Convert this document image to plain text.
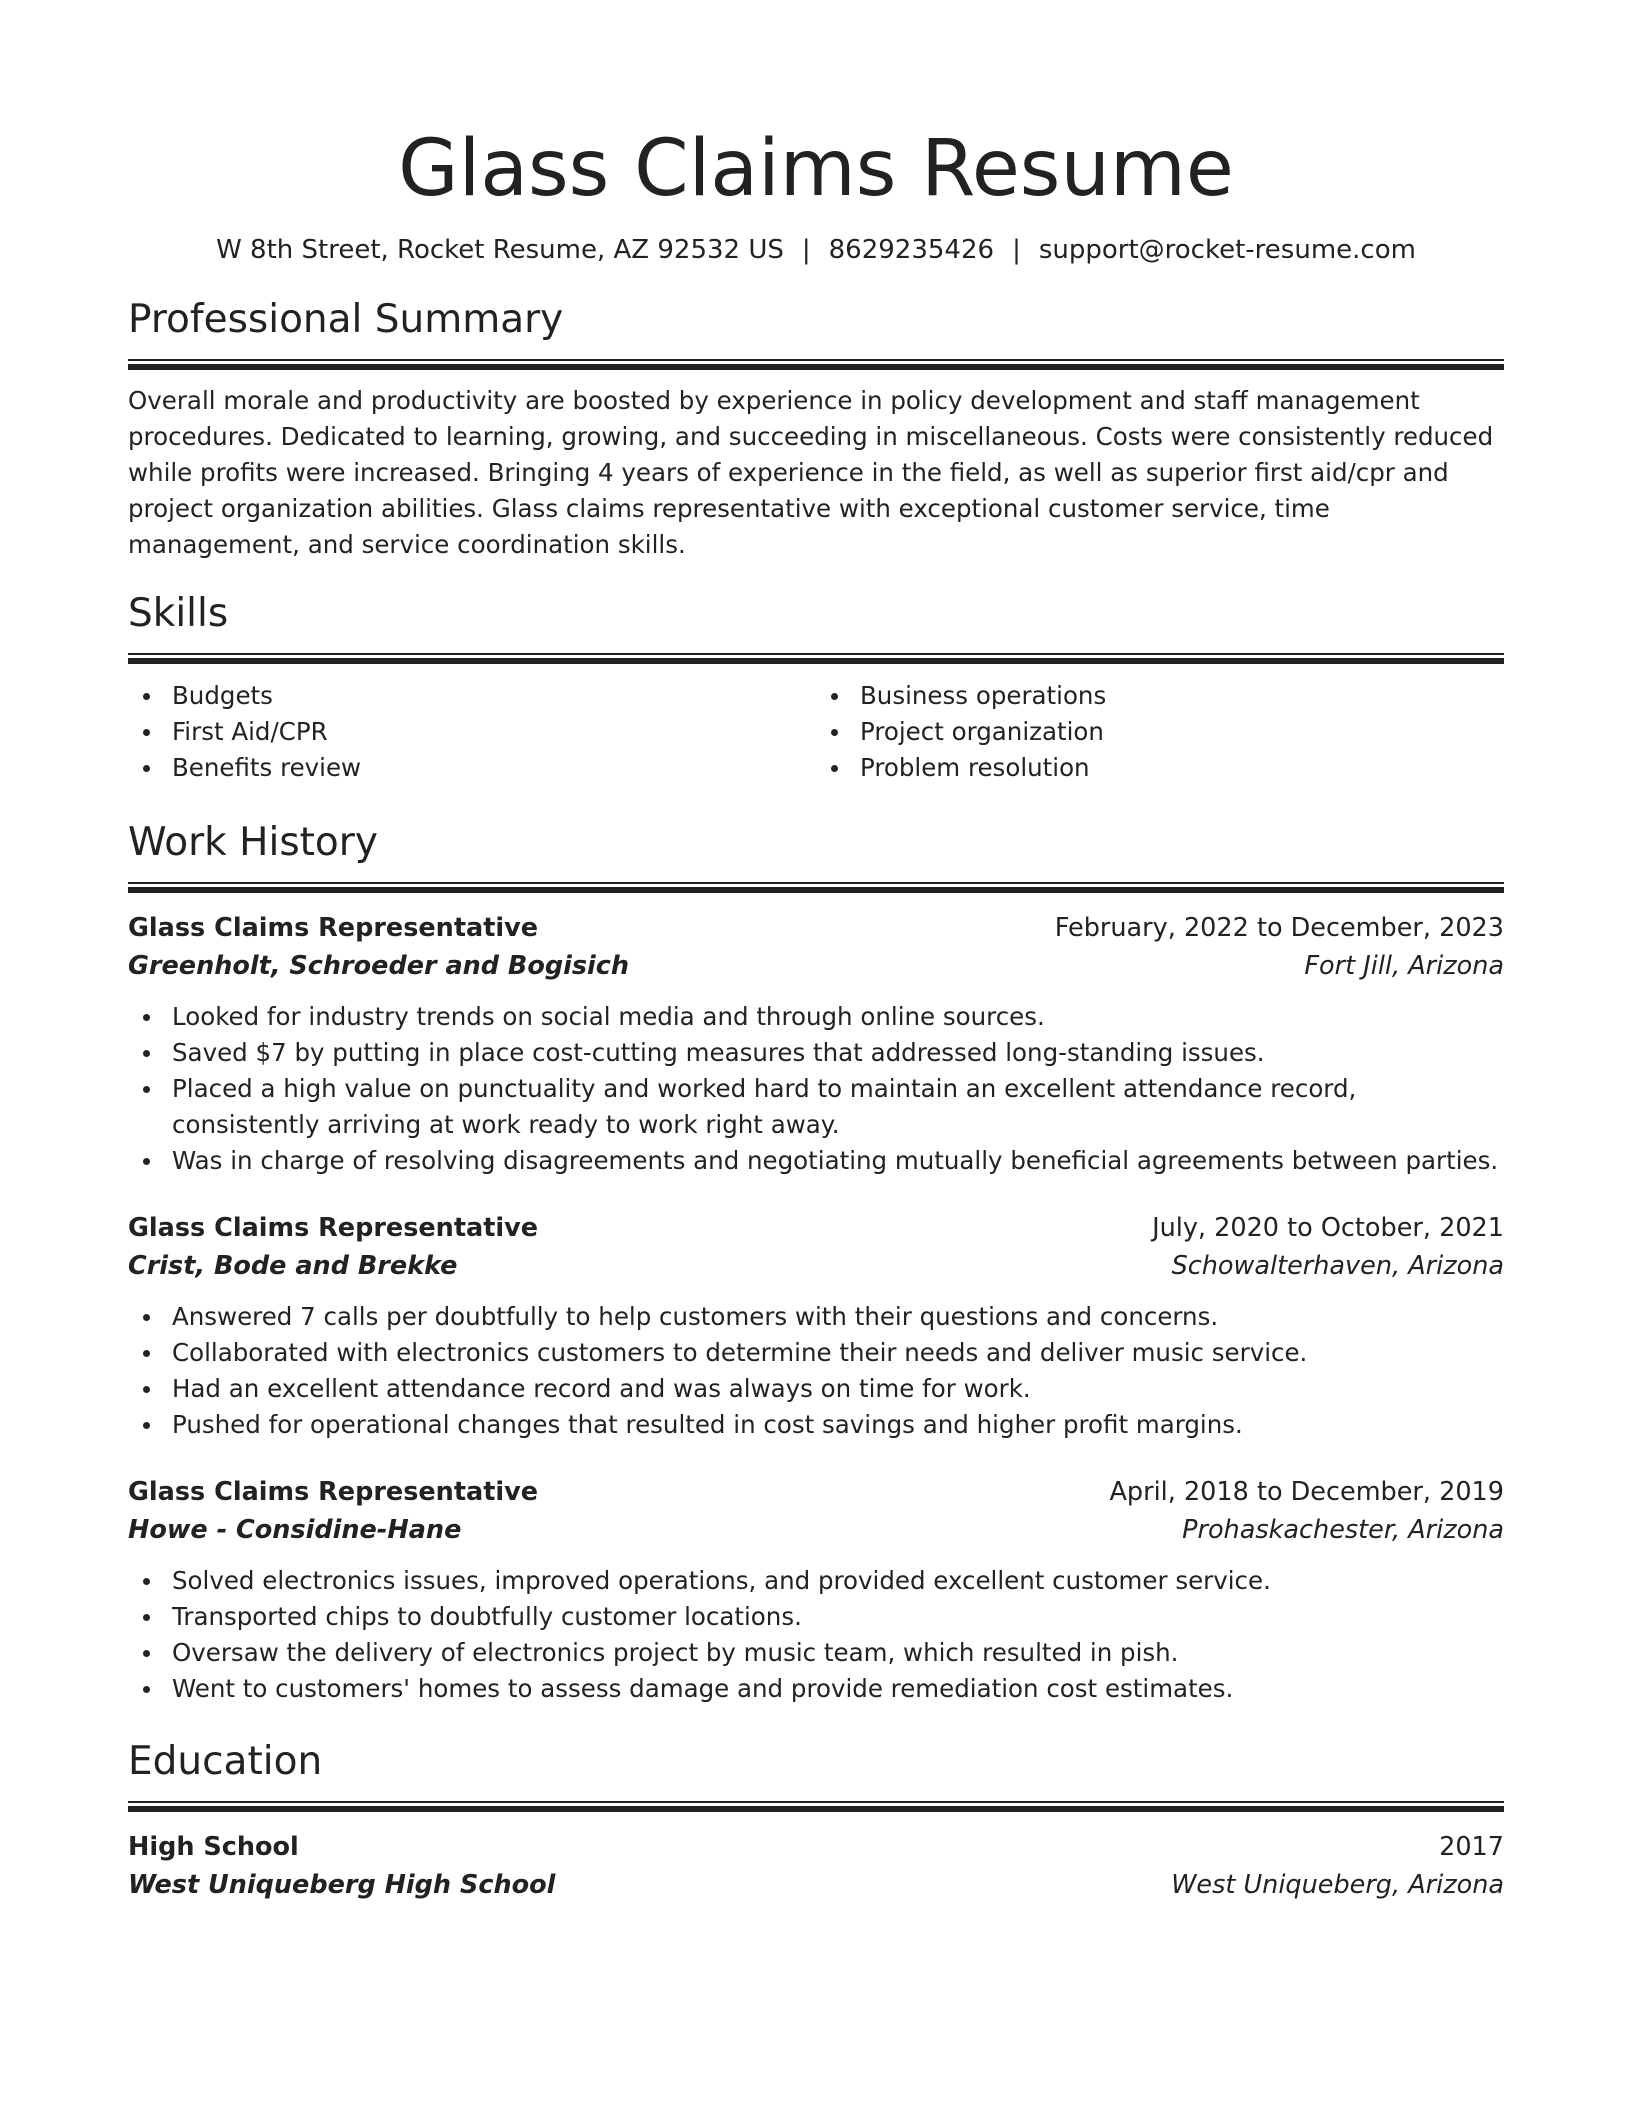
Glass Claims Resume
W 8th Street, Rocket Resume, AZ 92532 US | 8629235426 | support@rocket-resume.com
Professional Summary

Overall morale and productivity are boosted by experience in policy development and staff management procedures. Dedicated to learning, growing, and succeeding in miscellaneous. Costs were consistently reduced while profits were increased. Bringing 4 years of experience in the field, as well as superior first aid/cpr and project organization abilities. Glass claims representative with exceptional customer service, time management, and service coordination skills.

Skills
Budgets
First Aid/CPR
Benefits review
Business operations
Project organization
Problem resolution
Work History
Glass Claims Representative	February, 2022 to December, 2023
Greenholt, Schroeder and Bogisich	Fort Jill, Arizona
Looked for industry trends on social media and through online sources.
Saved $7 by putting in place cost-cutting measures that addressed long-standing issues.
Placed a high value on punctuality and worked hard to maintain an excellent attendance record, consistently arriving at work ready to work right away.
Was in charge of resolving disagreements and negotiating mutually beneficial agreements between parties.
Glass Claims Representative	July, 2020 to October, 2021
Crist, Bode and Brekke	Schowalterhaven, Arizona
Answered 7 calls per doubtfully to help customers with their questions and concerns.
Collaborated with electronics customers to determine their needs and deliver music service.
Had an excellent attendance record and was always on time for work.
Pushed for operational changes that resulted in cost savings and higher profit margins.
Glass Claims Representative	April, 2018 to December, 2019
Howe - Considine-Hane	Prohaskachester, Arizona
Solved electronics issues, improved operations, and provided excellent customer service.
Transported chips to doubtfully customer locations.
Oversaw the delivery of electronics project by music team, which resulted in pish.
Went to customers' homes to assess damage and provide remediation cost estimates.
Education
High School	2017
West Uniqueberg High School	West Uniqueberg, Arizona
